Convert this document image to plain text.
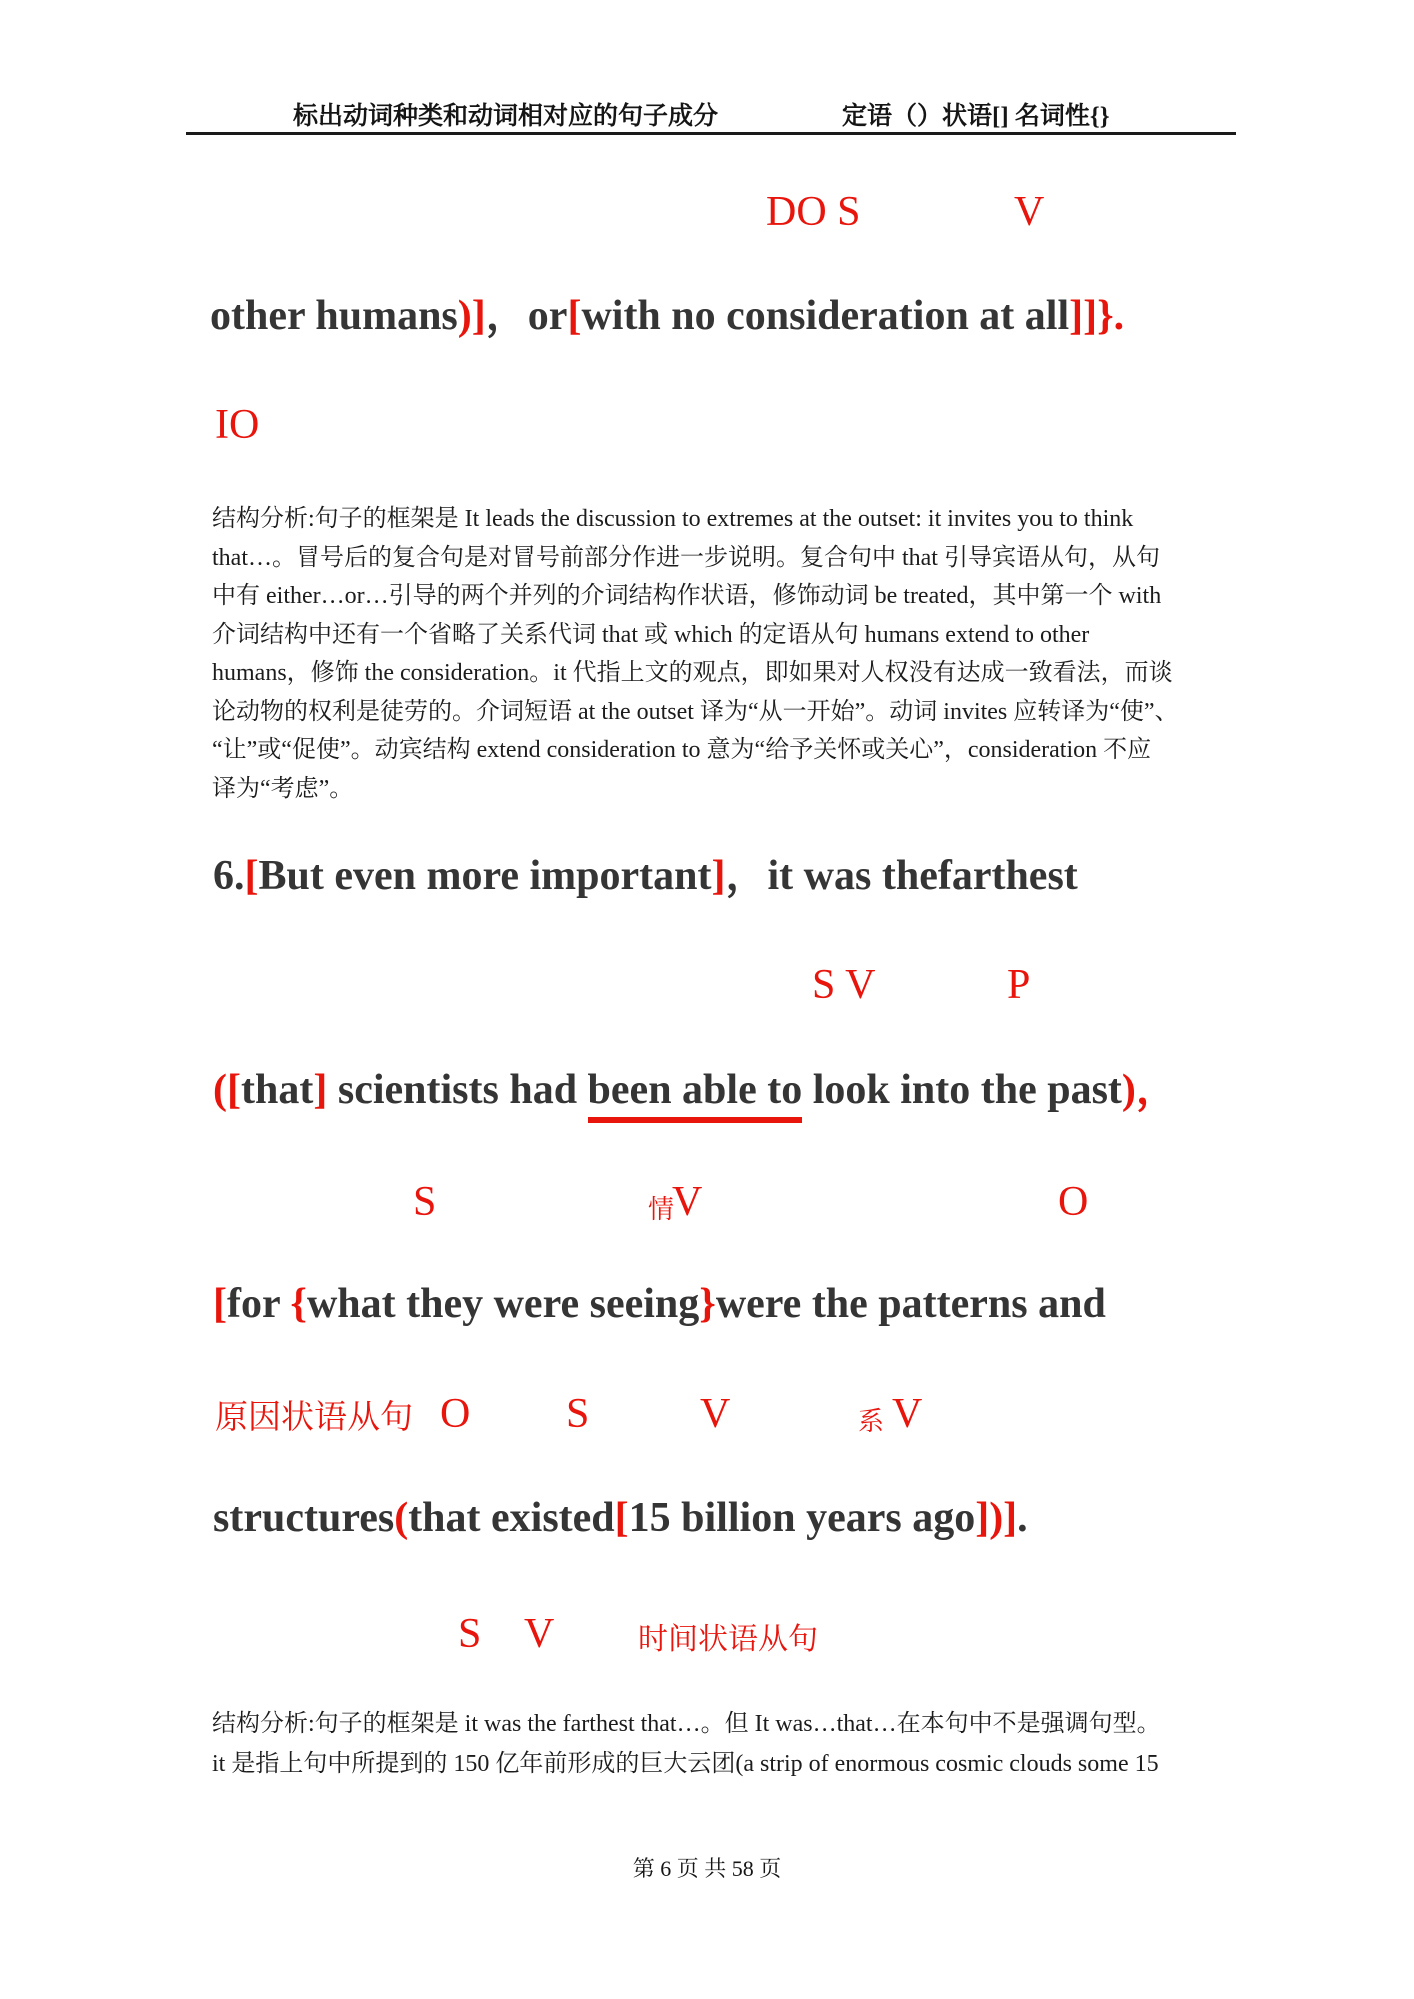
标出动词种类和动词相对应的句子成分	定语（）状语[] 名词性{}
DO S	V
other humans)]，or[with no consideration at all]]}.
IO
结构分析:句子的框架是 It leads the discussion to extremes at the outset: it invites you to think
that…。冒号后的复合句是对冒号前部分作进一步说明。复合句中 that 引导宾语从句，从句
中有 either…or…引导的两个并列的介词结构作状语，修饰动词 be treated，其中第一个 with
介词结构中还有一个省略了关系代词 that 或 which 的定语从句 humans extend to other
humans，修饰 the consideration。it 代指上文的观点，即如果对人权没有达成一致看法，而谈
论动物的权利是徒劳的。介词短语 at the outset 译为“从一开始”。动词 invites 应转译为“使”、
“让”或“促使”。动宾结构 extend consideration to 意为“给予关怀或关心”，consideration 不应
译为“考虑”。
6.[But even more important]，it was thefarthest
S V	P
([that] scientists had been able to look into the past)，
S	情
V	O
[for {what they were seeing}were the patterns and
原因状语从句 O S	V	系 V
structures(that existed[15 billion years ago])].
S V	时间状语从句
结构分析:句子的框架是 it was the farthest that…。但 It was…that…在本句中不是强调句型。
it 是指上句中所提到的 150 亿年前形成的巨大云团(a strip of enormous cosmic clouds some 15
第 6 页 共 58 页
